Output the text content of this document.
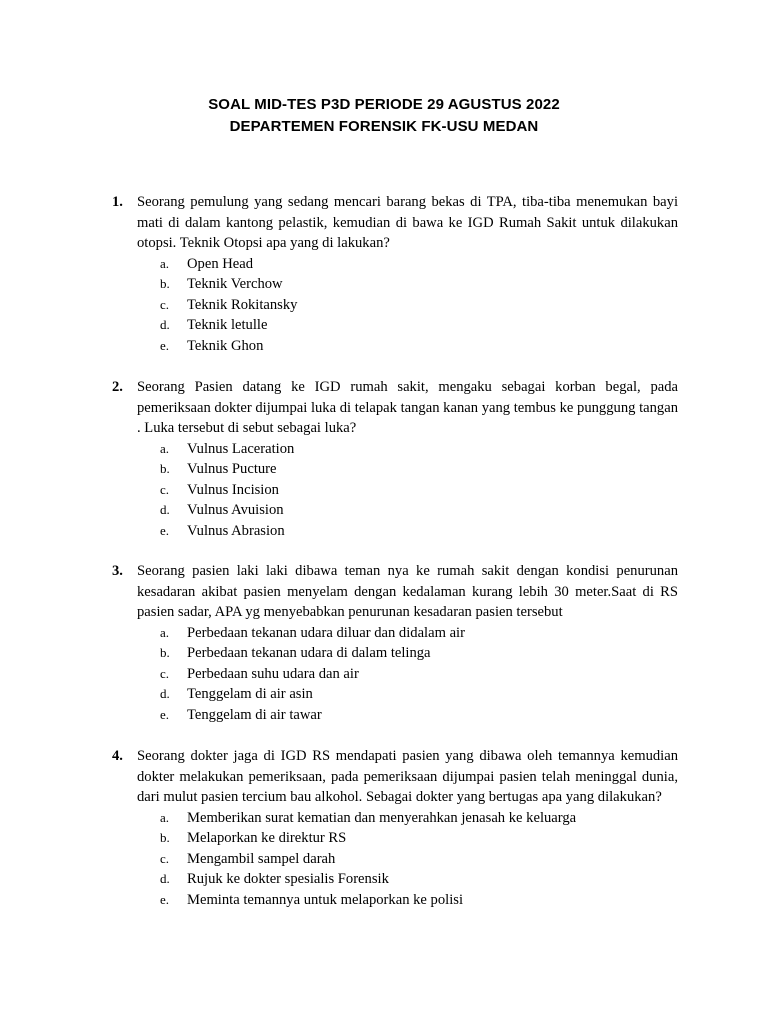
SOAL MID-TES P3D PERIODE 29 AGUSTUS 2022
DEPARTEMEN FORENSIK FK-USU MEDAN
1. Seorang pemulung yang sedang mencari barang bekas di TPA, tiba-tiba menemukan bayi mati di dalam kantong pelastik, kemudian di bawa ke IGD Rumah Sakit untuk dilakukan otopsi. Teknik Otopsi apa yang di lakukan?
a. Open Head
b. Teknik Verchow
c. Teknik Rokitansky
d. Teknik letulle
e. Teknik Ghon
2. Seorang Pasien datang ke IGD rumah sakit, mengaku sebagai korban begal, pada pemeriksaan dokter dijumpai luka di telapak tangan kanan yang tembus ke punggung tangan . Luka tersebut di sebut sebagai luka?
a. Vulnus Laceration
b. Vulnus Pucture
c. Vulnus Incision
d. Vulnus Avuision
e. Vulnus Abrasion
3. Seorang pasien laki laki dibawa teman nya ke rumah sakit dengan kondisi penurunan kesadaran akibat pasien menyelam dengan kedalaman kurang lebih 30 meter.Saat di RS pasien sadar, APA yg menyebabkan penurunan kesadaran pasien tersebut
a. Perbedaan tekanan udara diluar dan didalam air
b. Perbedaan tekanan udara di dalam telinga
c. Perbedaan suhu udara dan air
d. Tenggelam di air asin
e. Tenggelam di air tawar
4. Seorang dokter jaga di IGD RS mendapati pasien yang dibawa oleh temannya kemudian dokter melakukan pemeriksaan, pada pemeriksaan dijumpai pasien telah meninggal dunia, dari mulut pasien tercium bau alkohol. Sebagai dokter yang bertugas apa yang dilakukan?
a. Memberikan surat kematian dan menyerahkan jenasah ke keluarga
b. Melaporkan ke direktur RS
c. Mengambil sampel darah
d. Rujuk ke dokter spesialis Forensik
e. Meminta temannya untuk melaporkan ke polisi
